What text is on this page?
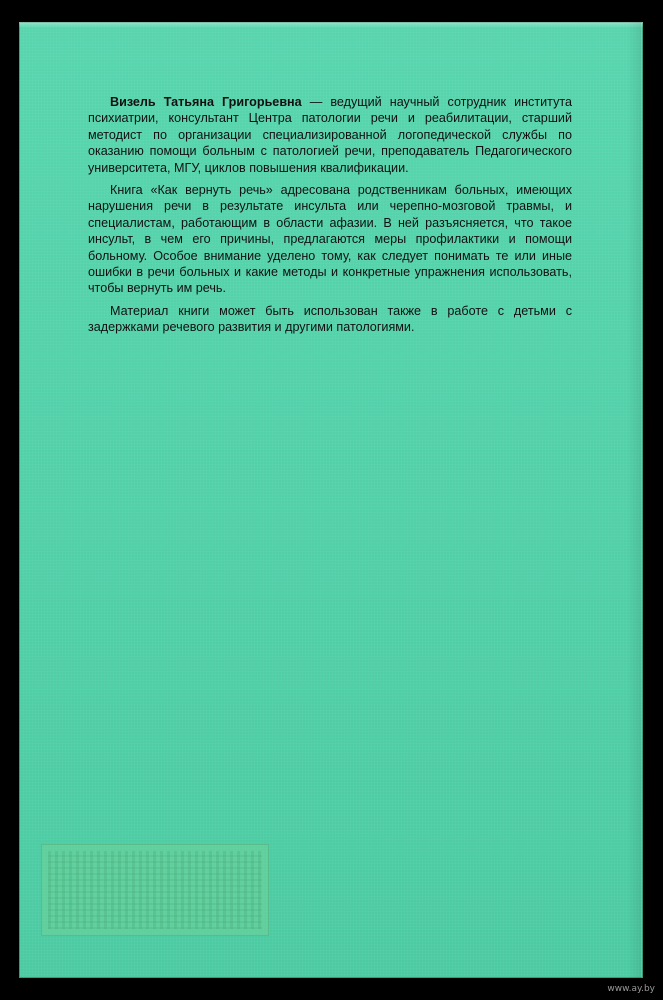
Визель Татьяна Григорьевна — ведущий научный сотрудник института психиатрии, консультант Центра патологии речи и реабилитации, старший методист по организации специализированной логопедической службы по оказанию помощи больным с патологией речи, преподаватель Педагогического университета, МГУ, циклов повышения квалификации.

Книга «Как вернуть речь» адресована родственникам больных, имеющих нарушения речи в результате инсульта или черепно-мозговой травмы, и специалистам, работающим в области афазии. В ней разъясняется, что такое инсульт, в чем его причины, предлагаются меры профилактики и помощи больному. Особое внимание уделено тому, как следует понимать те или иные ошибки в речи больных и какие методы и конкретные упражнения использовать, чтобы вернуть им речь.

Материал книги может быть использован также в работе с детьми с задержками речевого развития и другими патологиями.

www.ay.by
